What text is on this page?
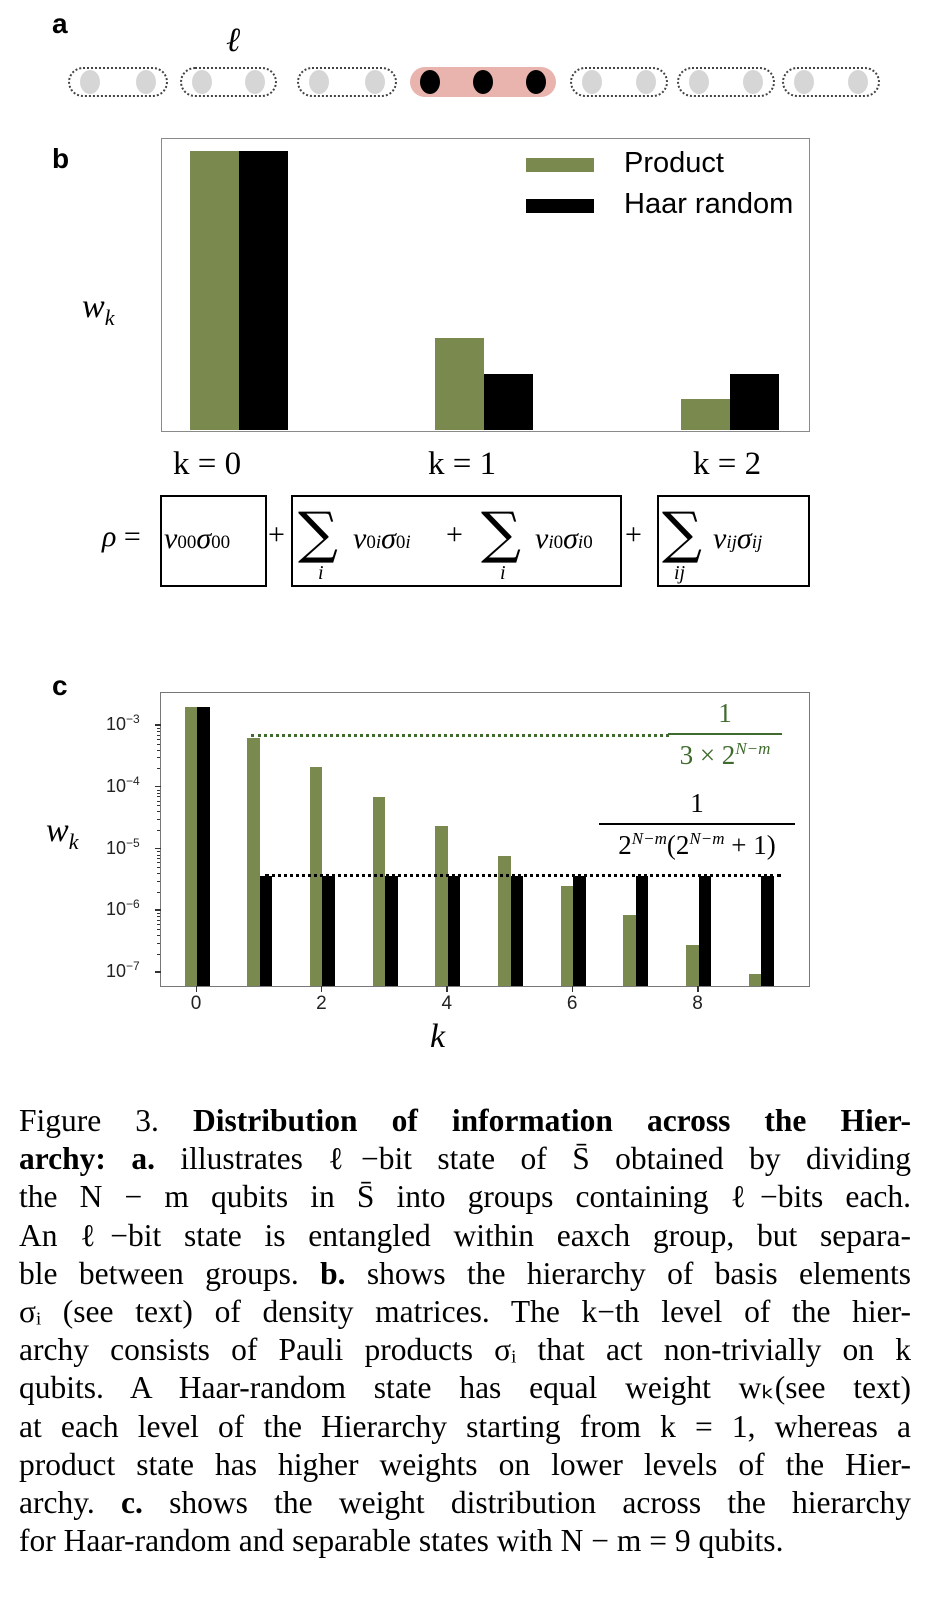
a	ℓ
b
$w_k$
Product
Haar random
k = 0	k = 1	k = 2
ρ = v00σ00 + ∑
i
v0iσ0i + ∑
i
vi0σi0 + ∑
ij
vijσij
c
$w_k$
k
$10^{-3}$
$10^{-4}$
$10^{-5}$
$10^{-6}$
$10^{-7}$
0	2	4	6	8
1
$3 \times 2^{N-m}$
1
$2^{N-m}(2^{N-m} + 1)$
Figure 3. Distribution of information across the Hier-
archy: a. illustrates ℓ−bit state of S̄ obtained by dividing
the N − m qubits in S̄ into groups containing ℓ−bits each.
An ℓ−bit state is entangled within eaxch group, but separa-
ble between groups. b. shows the hierarchy of basis elements
σᵢ (see text) of density matrices. The k−th level of the hier-
archy consists of Pauli products σᵢ that act non-trivially on k
qubits. A Haar-random state has equal weight wₖ(see text)
at each level of the Hierarchy starting from k = 1, whereas a
product state has higher weights on lower levels of the Hier-
archy. c. shows the weight distribution across the hierarchy
for Haar-random and separable states with N − m = 9 qubits.
